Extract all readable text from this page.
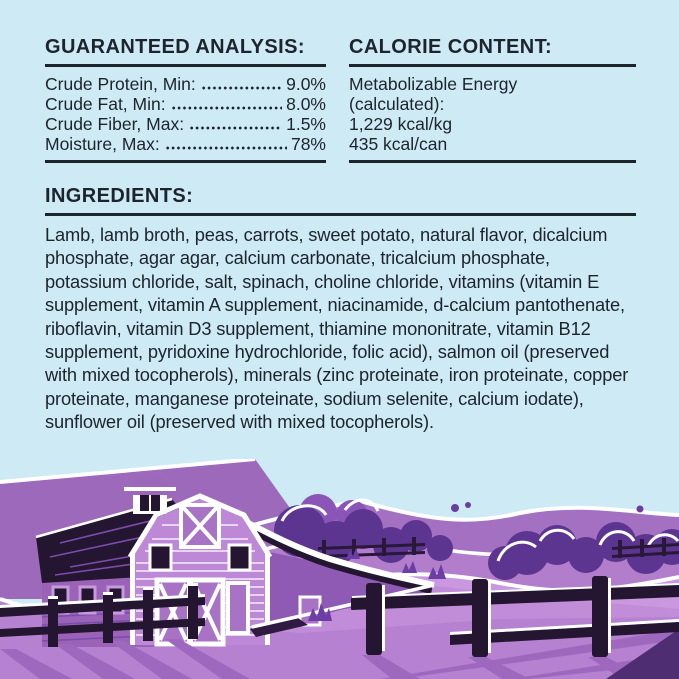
GUARANTEED ANALYSIS:
Crude Protein, Min:	9.0%
Crude Fat, Min:	8.0%
Crude Fiber, Max:	1.5%
Moisture, Max:	78%
CALORIE CONTENT:
Metabolizable Energy
(calculated):
1,229 kcal/kg
435 kcal/can
INGREDIENTS:

Lamb, lamb broth, peas, carrots, sweet potato, natural flavor, dicalcium phosphate, agar agar, calcium carbonate, tricalcium phosphate, potassium chloride, salt, spinach, choline chloride, vitamins (vitamin E supplement, vitamin A supplement, niacinamide, d-calcium pantothenate, riboflavin, vitamin D3 supplement, thiamine mononitrate, vitamin B12 supplement, pyridoxine hydrochloride, folic acid), salmon oil (preserved with mixed tocopherols), minerals (zinc proteinate, iron proteinate, copper proteinate, manganese proteinate, sodium selenite, calcium iodate), sunflower oil (preserved with mixed tocopherols).
